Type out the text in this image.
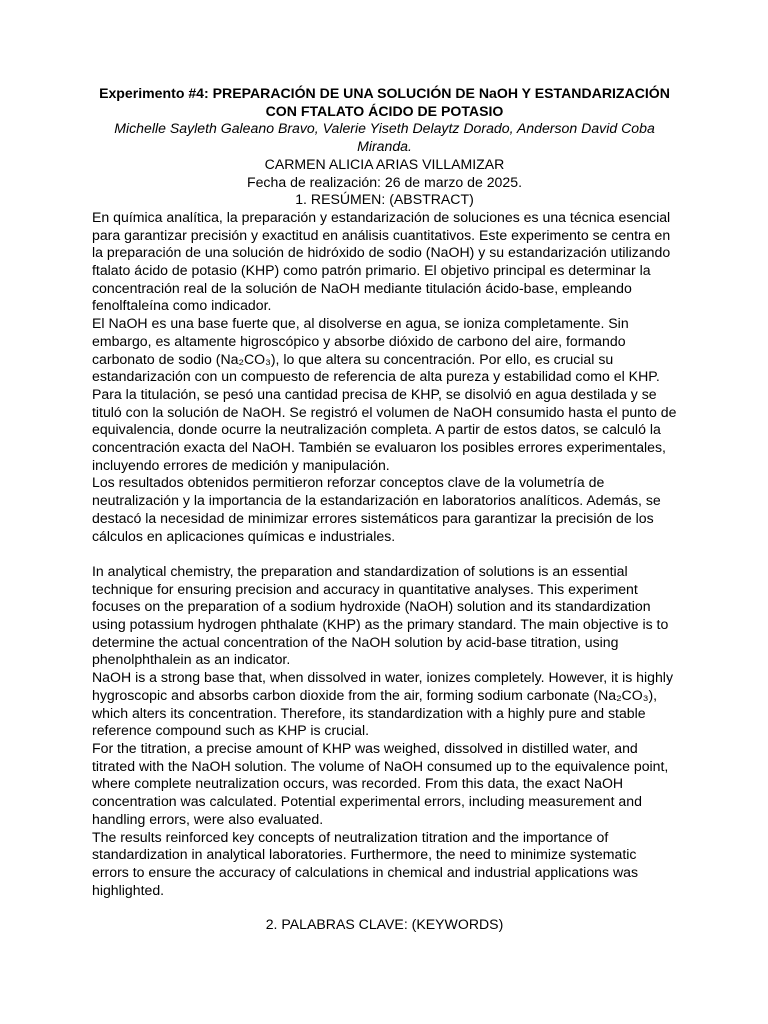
Experimento #4: PREPARACIÓN DE UNA SOLUCIÓN DE NaOH Y ESTANDARIZACIÓN CON FTALATO ÁCIDO DE POTASIO
Michelle Sayleth Galeano Bravo, Valerie Yiseth Delaytz Dorado, Anderson David Coba Miranda.
CARMEN ALICIA ARIAS VILLAMIZAR
Fecha de realización: 26 de marzo de 2025.
1. RESÚMEN: (ABSTRACT)

En química analítica, la preparación y estandarización de soluciones es una técnica esencial para garantizar precisión y exactitud en análisis cuantitativos. Este experimento se centra en la preparación de una solución de hidróxido de sodio (NaOH) y su estandarización utilizando ftalato ácido de potasio (KHP) como patrón primario. El objetivo principal es determinar la concentración real de la solución de NaOH mediante titulación ácido-base, empleando fenolftaleína como indicador.

El NaOH es una base fuerte que, al disolverse en agua, se ioniza completamente. Sin embargo, es altamente higroscópico y absorbe dióxido de carbono del aire, formando carbonato de sodio (Na₂CO₃), lo que altera su concentración. Por ello, es crucial su estandarización con un compuesto de referencia de alta pureza y estabilidad como el KHP.

Para la titulación, se pesó una cantidad precisa de KHP, se disolvió en agua destilada y se tituló con la solución de NaOH. Se registró el volumen de NaOH consumido hasta el punto de equivalencia, donde ocurre la neutralización completa. A partir de estos datos, se calculó la concentración exacta del NaOH. También se evaluaron los posibles errores experimentales, incluyendo errores de medición y manipulación.

Los resultados obtenidos permitieron reforzar conceptos clave de la volumetría de neutralización y la importancia de la estandarización en laboratorios analíticos. Además, se destacó la necesidad de minimizar errores sistemáticos para garantizar la precisión de los cálculos en aplicaciones químicas e industriales.

In analytical chemistry, the preparation and standardization of solutions is an essential technique for ensuring precision and accuracy in quantitative analyses. This experiment focuses on the preparation of a sodium hydroxide (NaOH) solution and its standardization using potassium hydrogen phthalate (KHP) as the primary standard. The main objective is to determine the actual concentration of the NaOH solution by acid-base titration, using phenolphthalein as an indicator.

NaOH is a strong base that, when dissolved in water, ionizes completely. However, it is highly hygroscopic and absorbs carbon dioxide from the air, forming sodium carbonate (Na₂CO₃), which alters its concentration. Therefore, its standardization with a highly pure and stable reference compound such as KHP is crucial.

For the titration, a precise amount of KHP was weighed, dissolved in distilled water, and titrated with the NaOH solution. The volume of NaOH consumed up to the equivalence point, where complete neutralization occurs, was recorded. From this data, the exact NaOH concentration was calculated. Potential experimental errors, including measurement and handling errors, were also evaluated.

The results reinforced key concepts of neutralization titration and the importance of standardization in analytical laboratories. Furthermore, the need to minimize systematic errors to ensure the accuracy of calculations in chemical and industrial applications was highlighted.

2. PALABRAS CLAVE: (KEYWORDS)
